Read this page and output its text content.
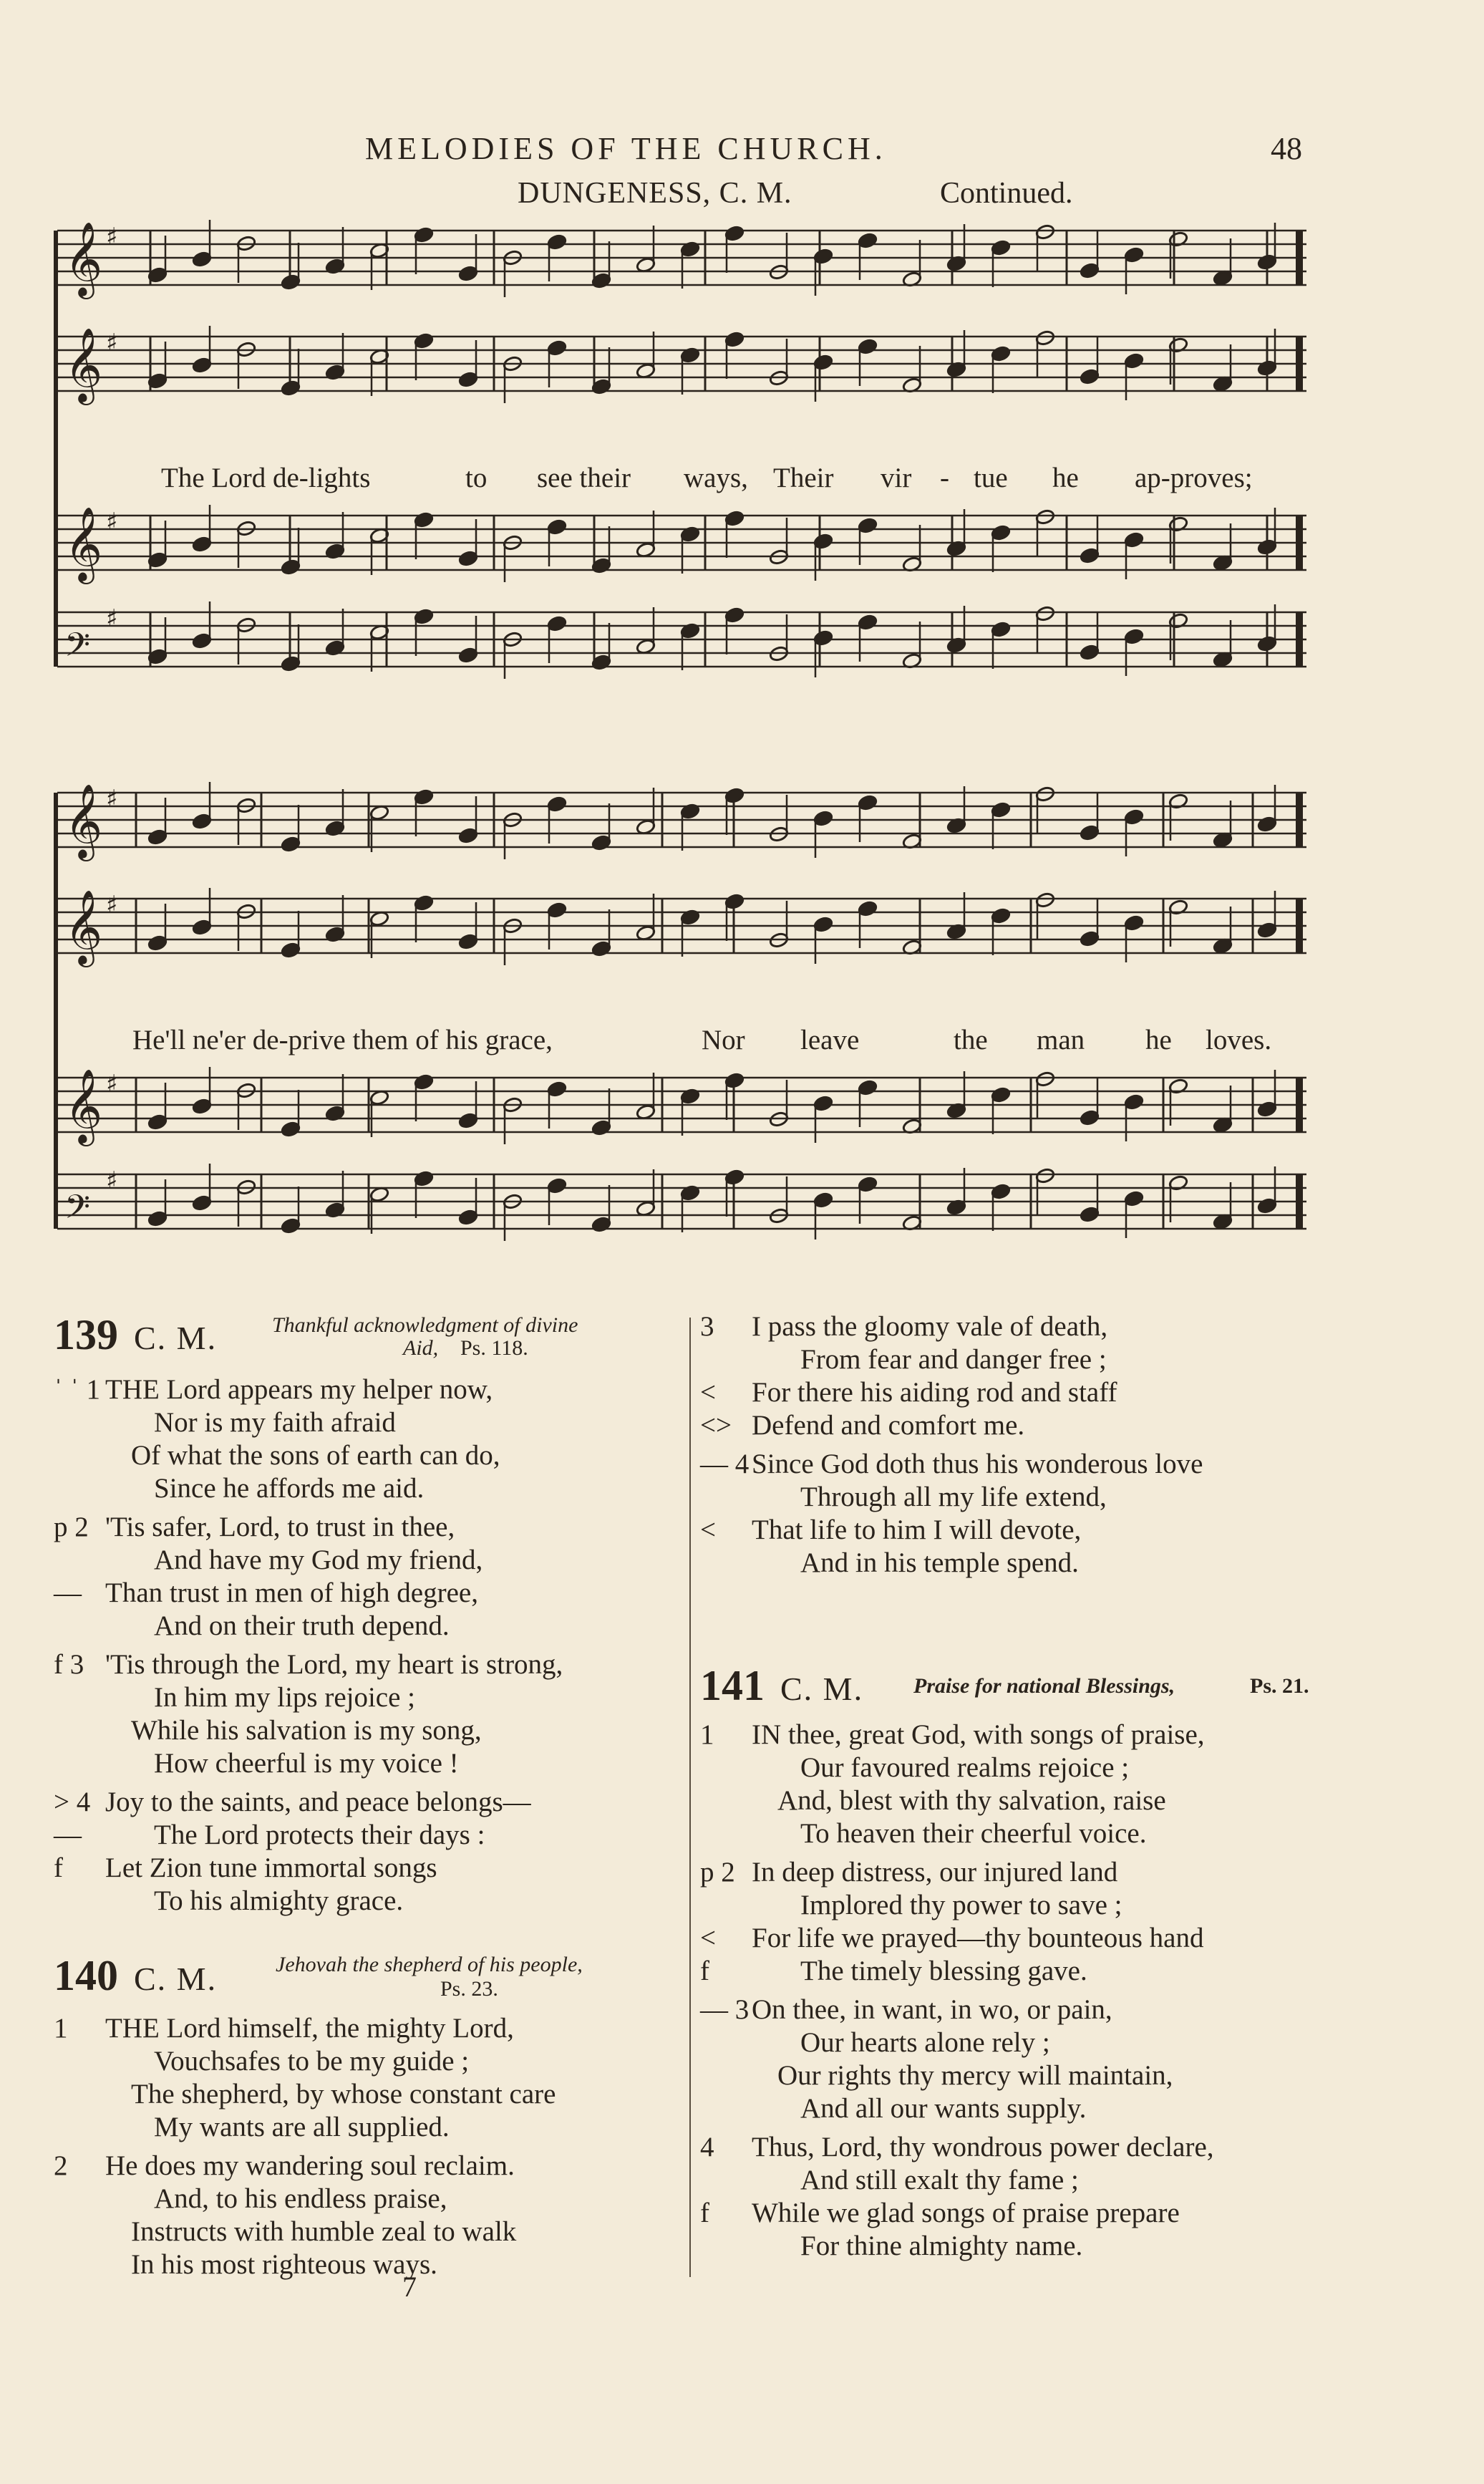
MELODIES OF THE CHURCH.	48
DUNGENESS, C. M.	Continued.
𝄞 ♯
𝄞 ♯
𝄞 ♯
𝄢
♯
The Lord de-lights	to see their ways, Their vir - tue he ap-proves;
𝄞 ♯
𝄞 ♯
𝄞 ♯
𝄢
♯
He'll ne'er de-prive them of his grace,	Nor leave	the man he loves.
139 C. M.	Thankful acknowledgment of divine
Aid, Ps. 118.
ˈ ˈ 1 THE Lord appears my helper now,
Nor is my faith afraid
Of what the sons of earth can do,
Since he affords me aid.
p 2 'Tis safer, Lord, to trust in thee,
And have my God my friend,
— Than trust in men of high degree,
And on their truth depend.
f 3 'Tis through the Lord, my heart is strong,
In him my lips rejoice ;
While his salvation is my song,
How cheerful is my voice !
> 4 Joy to the saints, and peace belongs—
—	The Lord protects their days :
f Let Zion tune immortal songs
To his almighty grace.
140 C. M.	Jehovah the shepherd of his people,
Ps. 23.
1 THE Lord himself, the mighty Lord,
Vouchsafes to be my guide ;
The shepherd, by whose constant care
My wants are all supplied.
2 He does my wandering soul reclaim.
And, to his endless praise,
Instructs with humble zeal to walk
In his most righteous ways.
7
3 I pass the gloomy vale of death,
From fear and danger free ;
< For there his aiding rod and staff
<> Defend and comfort me.
— 4Since God doth thus his wonderous love
Through all my life extend,
< That life to him I will devote,
And in his temple spend.
141 C. M. Praise for national Blessings,	Ps. 21.
1 IN thee, great God, with songs of praise,
Our favoured realms rejoice ;
And, blest with thy salvation, raise
To heaven their cheerful voice.
p 2 In deep distress, our injured land
Implored thy power to save ;
< For life we prayed—thy bounteous hand
f	The timely blessing gave.
— 3On thee, in want, in wo, or pain,
Our hearts alone rely ;
Our rights thy mercy will maintain,
And all our wants supply.
4 Thus, Lord, thy wondrous power declare,
And still exalt thy fame ;
f While we glad songs of praise prepare
For thine almighty name.
